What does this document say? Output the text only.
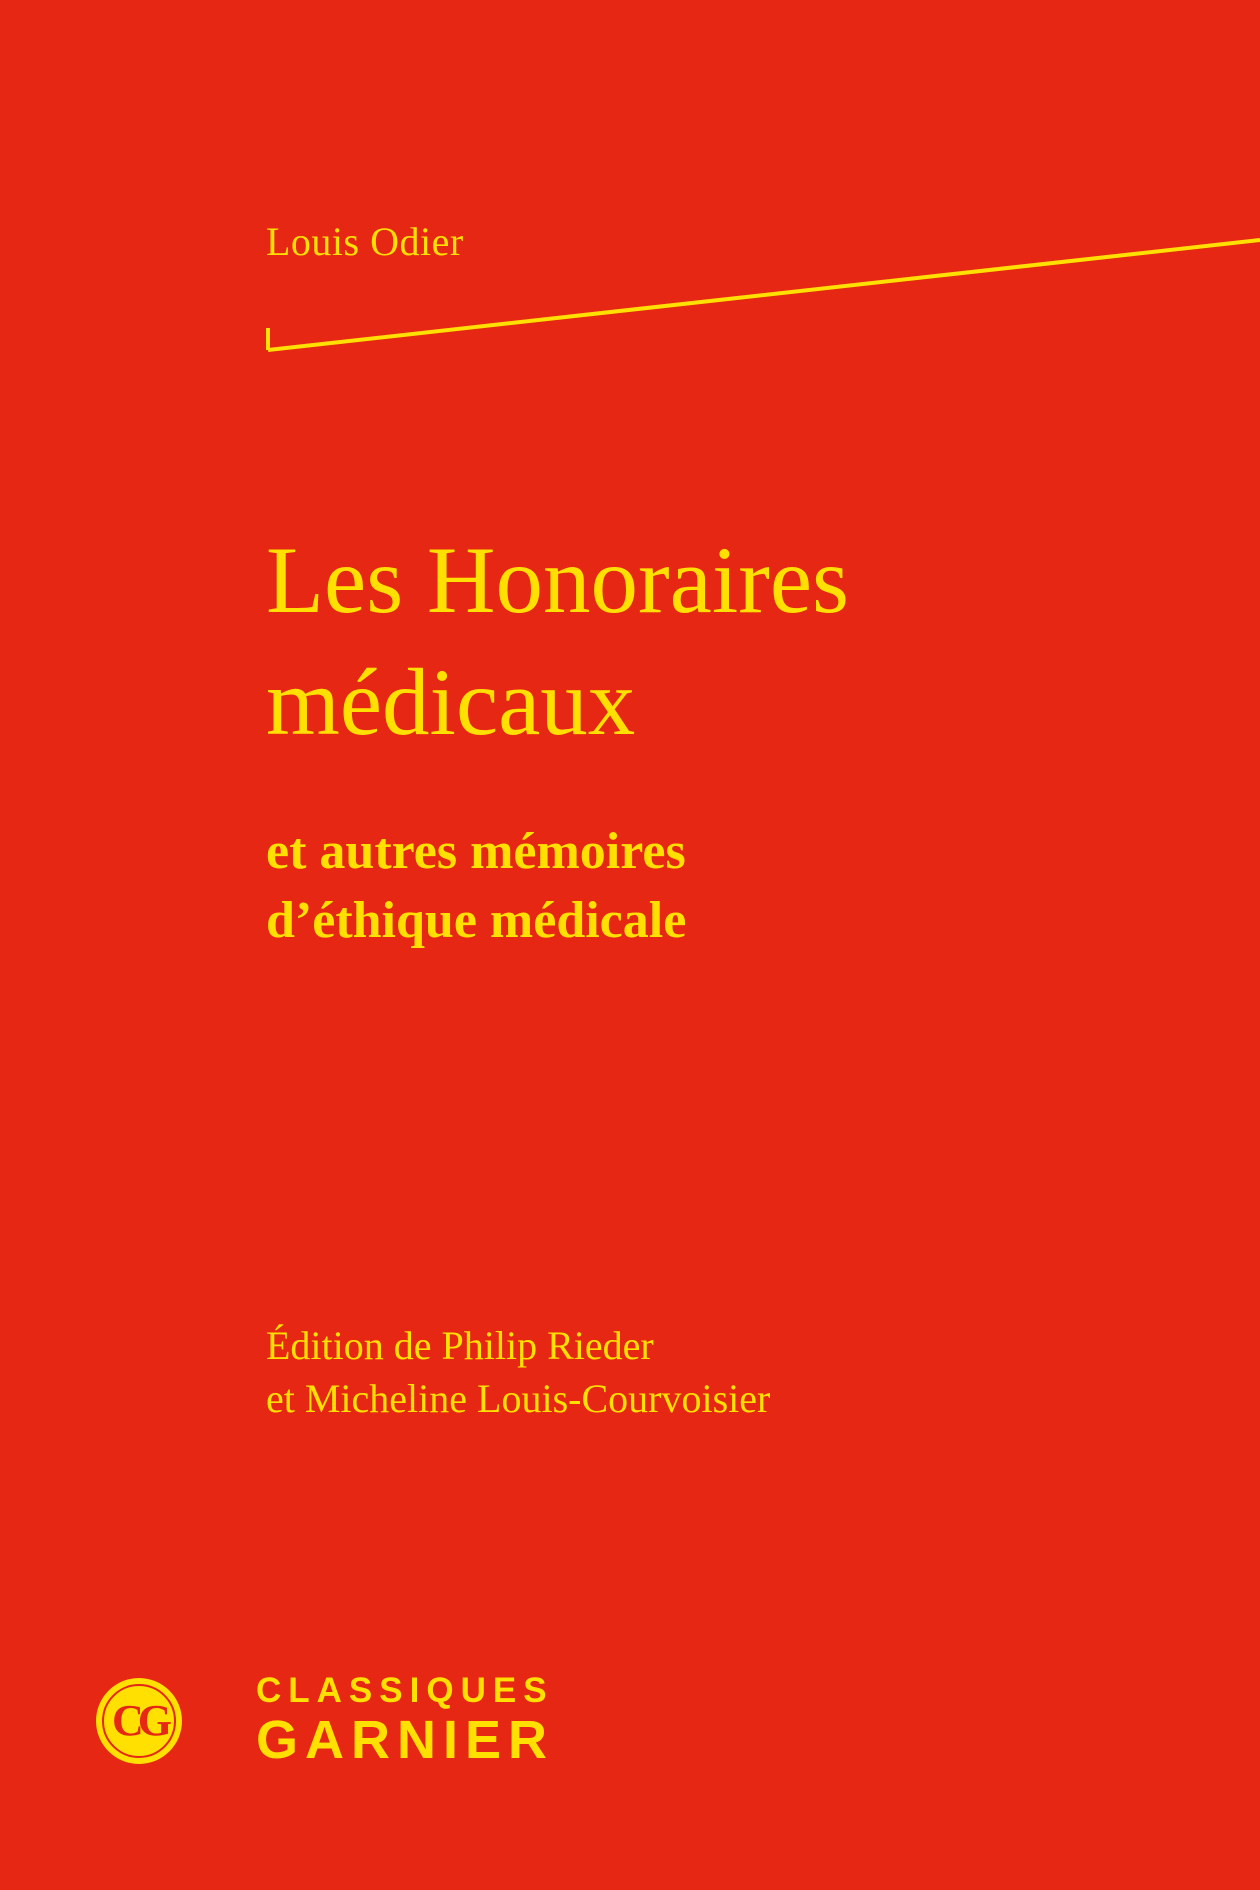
Louis Odier
Les Honoraires
médicaux
et autres mémoires
d’éthique médicale
Édition de Philip Rieder
et Micheline Louis-Courvoisier
CG
CLASSIQUES
GARNIER
